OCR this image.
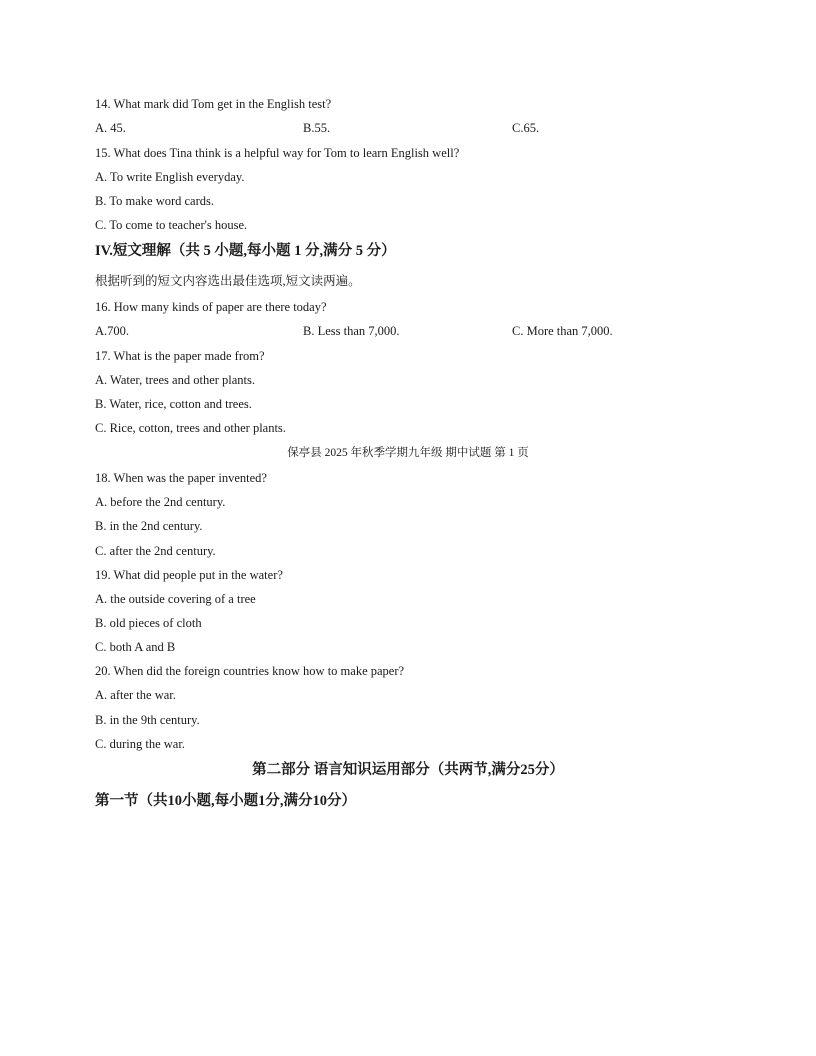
14. What mark did Tom get in the English test?
A. 45.	B.55.	C.65.
15. What does Tina think is a helpful way for Tom to learn English well?
A. To write English everyday.
B. To make word cards.
C. To come to teacher's house.
IV.短文理解（共 5 小题,每小题 1 分,满分 5 分）
根据听到的短文内容选出最佳选项,短文读两遍。
16. How many kinds of paper are there today?
A.700.	B. Less than 7,000.	C. More than 7,000.
17. What is the paper made from?
A. Water, trees and other plants.
B. Water, rice, cotton and trees.
C. Rice, cotton, trees and other plants.
保亭县 2025 年秋季学期九年级 期中试题 第 1 页
18. When was the paper invented?
A. before the 2nd century.
B. in the 2nd century.
C. after the 2nd century.
19. What did people put in the water?
A. the outside covering of a tree
B. old pieces of cloth
C. both A and B
20. When did the foreign countries know how to make paper?
A. after the war.
B. in the 9th century.
C. during the war.
第二部分 语言知识运用部分（共两节,满分25分）
第一节（共10小题,每小题1分,满分10分）
